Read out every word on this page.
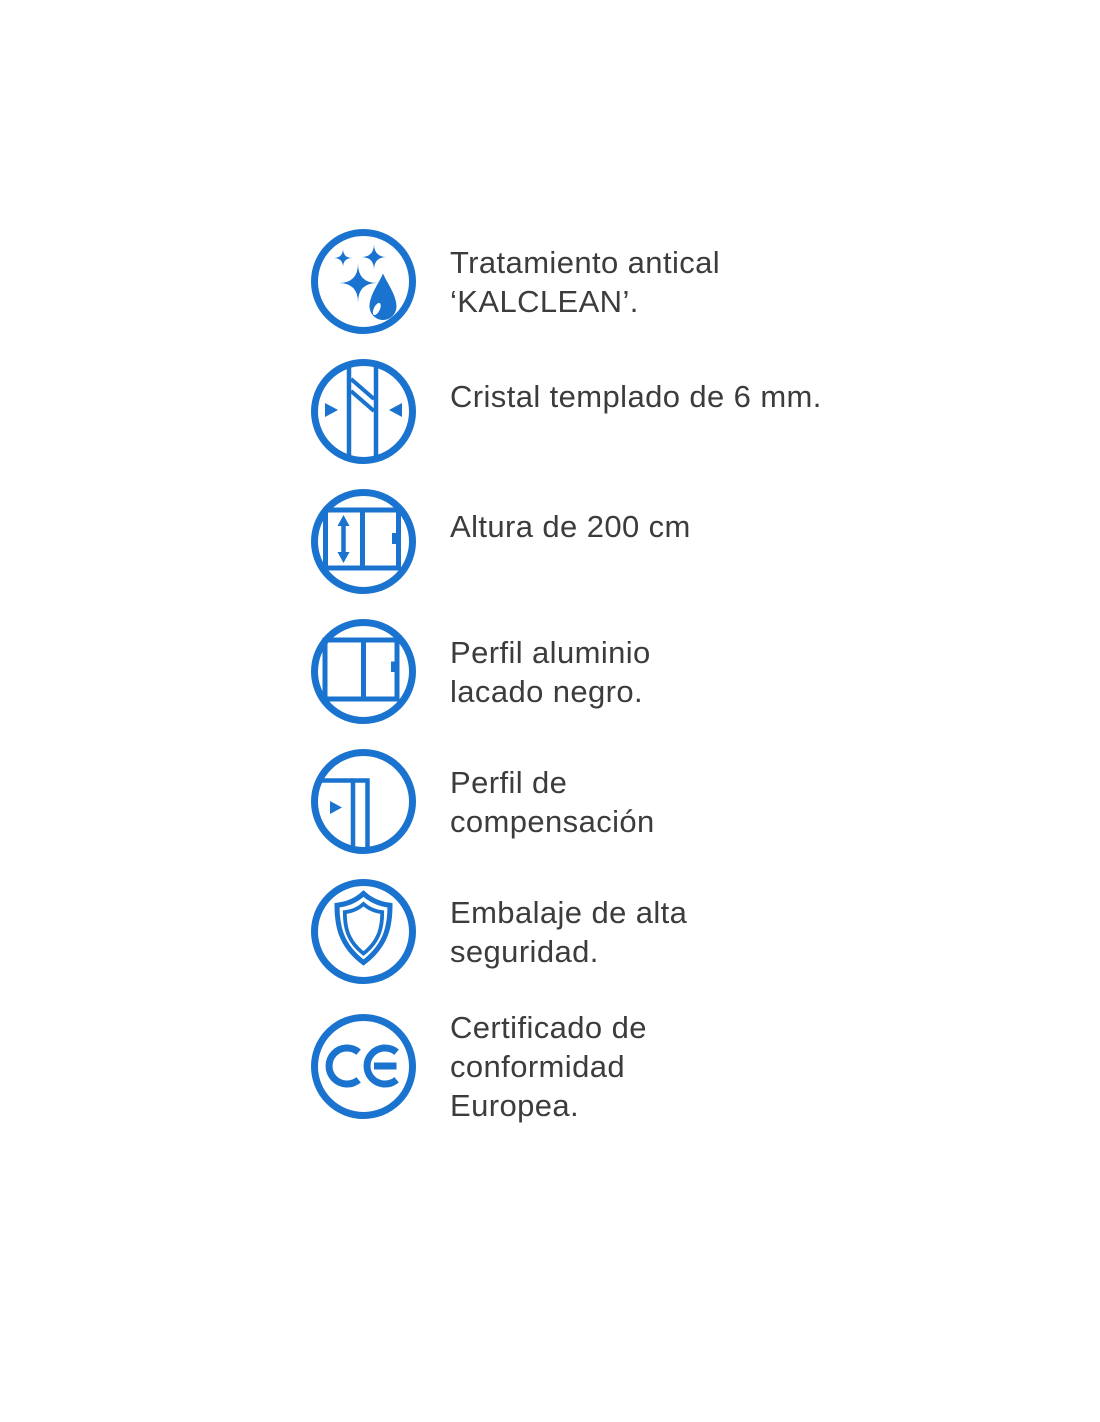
Tratamiento antical
‘KALCLEAN’.
Cristal templado de 6 mm.
Altura de 200 cm
Perfil aluminio
lacado negro.
Perfil de
compensación
Embalaje de alta
seguridad.
Certificado de
conformidad
Europea.
